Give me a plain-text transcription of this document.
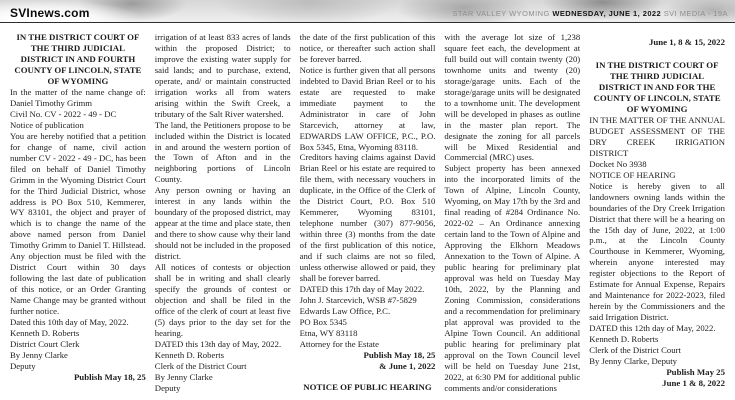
SVInews.com	STAR VALLEY WYOMING WEDNESDAY, JUNE 1, 2022 SVI MEDIA - 19A
IN THE DISTRICT COURT OF THE THIRD JUDICIAL DISTRICT IN AND FOURTH COUNTY OF LINCOLN, STATE OF WYOMING
In the matter of the name change of: Daniel Timothy Grimm
Civil No. CV - 2022 - 49 - DC
Notice of publication
You are hereby notified that a petition for change of name, civil action number CV - 2022 - 49 - DC, has been filed on behalf of Daniel Timothy Grimm in the Wyoming District Court for the Third Judicial District, whose address is PO Box 510, Kemmerer, WY 83101, the object and prayer of which is to change the name of the above named person from Daniel Timothy Grimm to Daniel T. Hillstead.
Any objection must be filed with the District Court within 30 days following the last date of publication of this notice, or an Order Granting Name Change may be granted without further notice.
Dated this 10th day of May, 2022.
Kenneth D. Roberts
District Court Clerk
By Jenny Clarke
Deputy
Publish May 18, 25
irrigation of at least 833 acres of lands within the proposed District; to improve the existing water supply for said lands; and to purchase, extend, operate, and/ or maintain constructed irrigation works all from waters arising within the Swift Creek, a tributary of the Salt River watershed.
The land, the Petitioners propose to be included within the District is located in and around the western portion of the Town of Afton and in the neighboring portions of Lincoln County.
Any person owning or having an interest in any lands within the boundary of the proposed district, may appear at the time and place state, then and there to show cause why their land should not be included in the proposed district.
All notices of contests or objection shall be in writing and shall clearly specify the grounds of contest or objection and shall be filed in the office of the clerk of court at least five (5) days prior to the day set for the hearing.
DATED this 13th day of May, 2022.
Kenneth D. Roberts
Clerk of the District Court
By Jenny Clarke
Deputy
the date of the first publication of this notice, or thereafter such action shall be forever barred.
Notice is further given that all persons indebted to David Brian Reel or to his estate are requested to make immediate payment to the Administrator in care of John Starcevich, attorney at law, EDWARDS LAW OFFICE, P.C., P.O. Box 5345, Etna, Wyoming 83118.
Creditors having claims against David Brian Reel or his estate are required to file them, with necessary vouchers in duplicate, in the Office of the Clerk of the District Court, P.O. Box 510 Kemmerer, Wyoming 83101, telephone number (307) 877-9056, within three (3) months from the date of the first publication of this notice, and if such claims are not so filed, unless otherwise allowed or paid, they shall be forever barred.
DATED this 17th day of May 2022.
John J. Starcevich, WSB #7-5829
Edwards Law Office, P.C.
PO Box 5345
Etna, WY 83118
Attorney for the Estate
Publish May 18, 25
& June 1, 2022
NOTICE OF PUBLIC HEARING
with the average lot size of 1,238 square feet each, the development at full build out will contain twenty (20) townhome units and twenty (20) storage/garage units. Each of the storage/garage units will be designated to a townhome unit. The development will be developed in phases as outline in the master plan report. The designate the zoning for all parcels will be Mixed Residential and Commercial (MRC) uses.
Subject property has been annexed into the incorporated limits of the Town of Alpine, Lincoln County, Wyoming, on May 17th by the 3rd and final reading of #284 Ordinance No. 2022-02 – An Ordinance annexing certain land to the Town of Alpine and Approving the Elkhorn Meadows Annexation to the Town of Alpine. A public hearing for preliminary plat approval was held on Tuesday May 10th, 2022, by the Planning and Zoning Commission, considerations and a recommendation for preliminary plat approval was provided to the Alpine Town Council. An additional public hearing for preliminary plat approval on the Town Council level will be held on Tuesday June 21st, 2022, at 6:30 PM for additional public comments and/or considerations
June 1, 8 & 15, 2022
IN THE DISTRICT COURT OF THE THIRD JUDICIAL DISTRICT IN AND FOR THE COUNTY OF LINCOLN, STATE OF WYOMING
IN THE MATTER OF THE ANNUAL BUDGET ASSESSMENT OF THE DRY CREEK IRRIGATION DISTRICT
Docket No 3938
NOTICE OF HEARING
Notice is hereby given to all landowners owning lands within the boundaries of the Dry Creek Irrigation District that there will be a hearing on the 15th day of June, 2022, at 1:00 p.m., at the Lincoln County Courthouse in Kemmerer, Wyoming, wherein anyone interested may register objections to the Report of Estimate for Annual Expense, Repairs and Maintenance for 2022-2023, filed herein by the Commissioners and the said Irrigation District.
DATED this 12th day of May, 2022.
Kenneth D. Roberts
Clerk of the District Court
By Jenny Clarke, Deputy
Publish May 25
June 1 & 8, 2022
